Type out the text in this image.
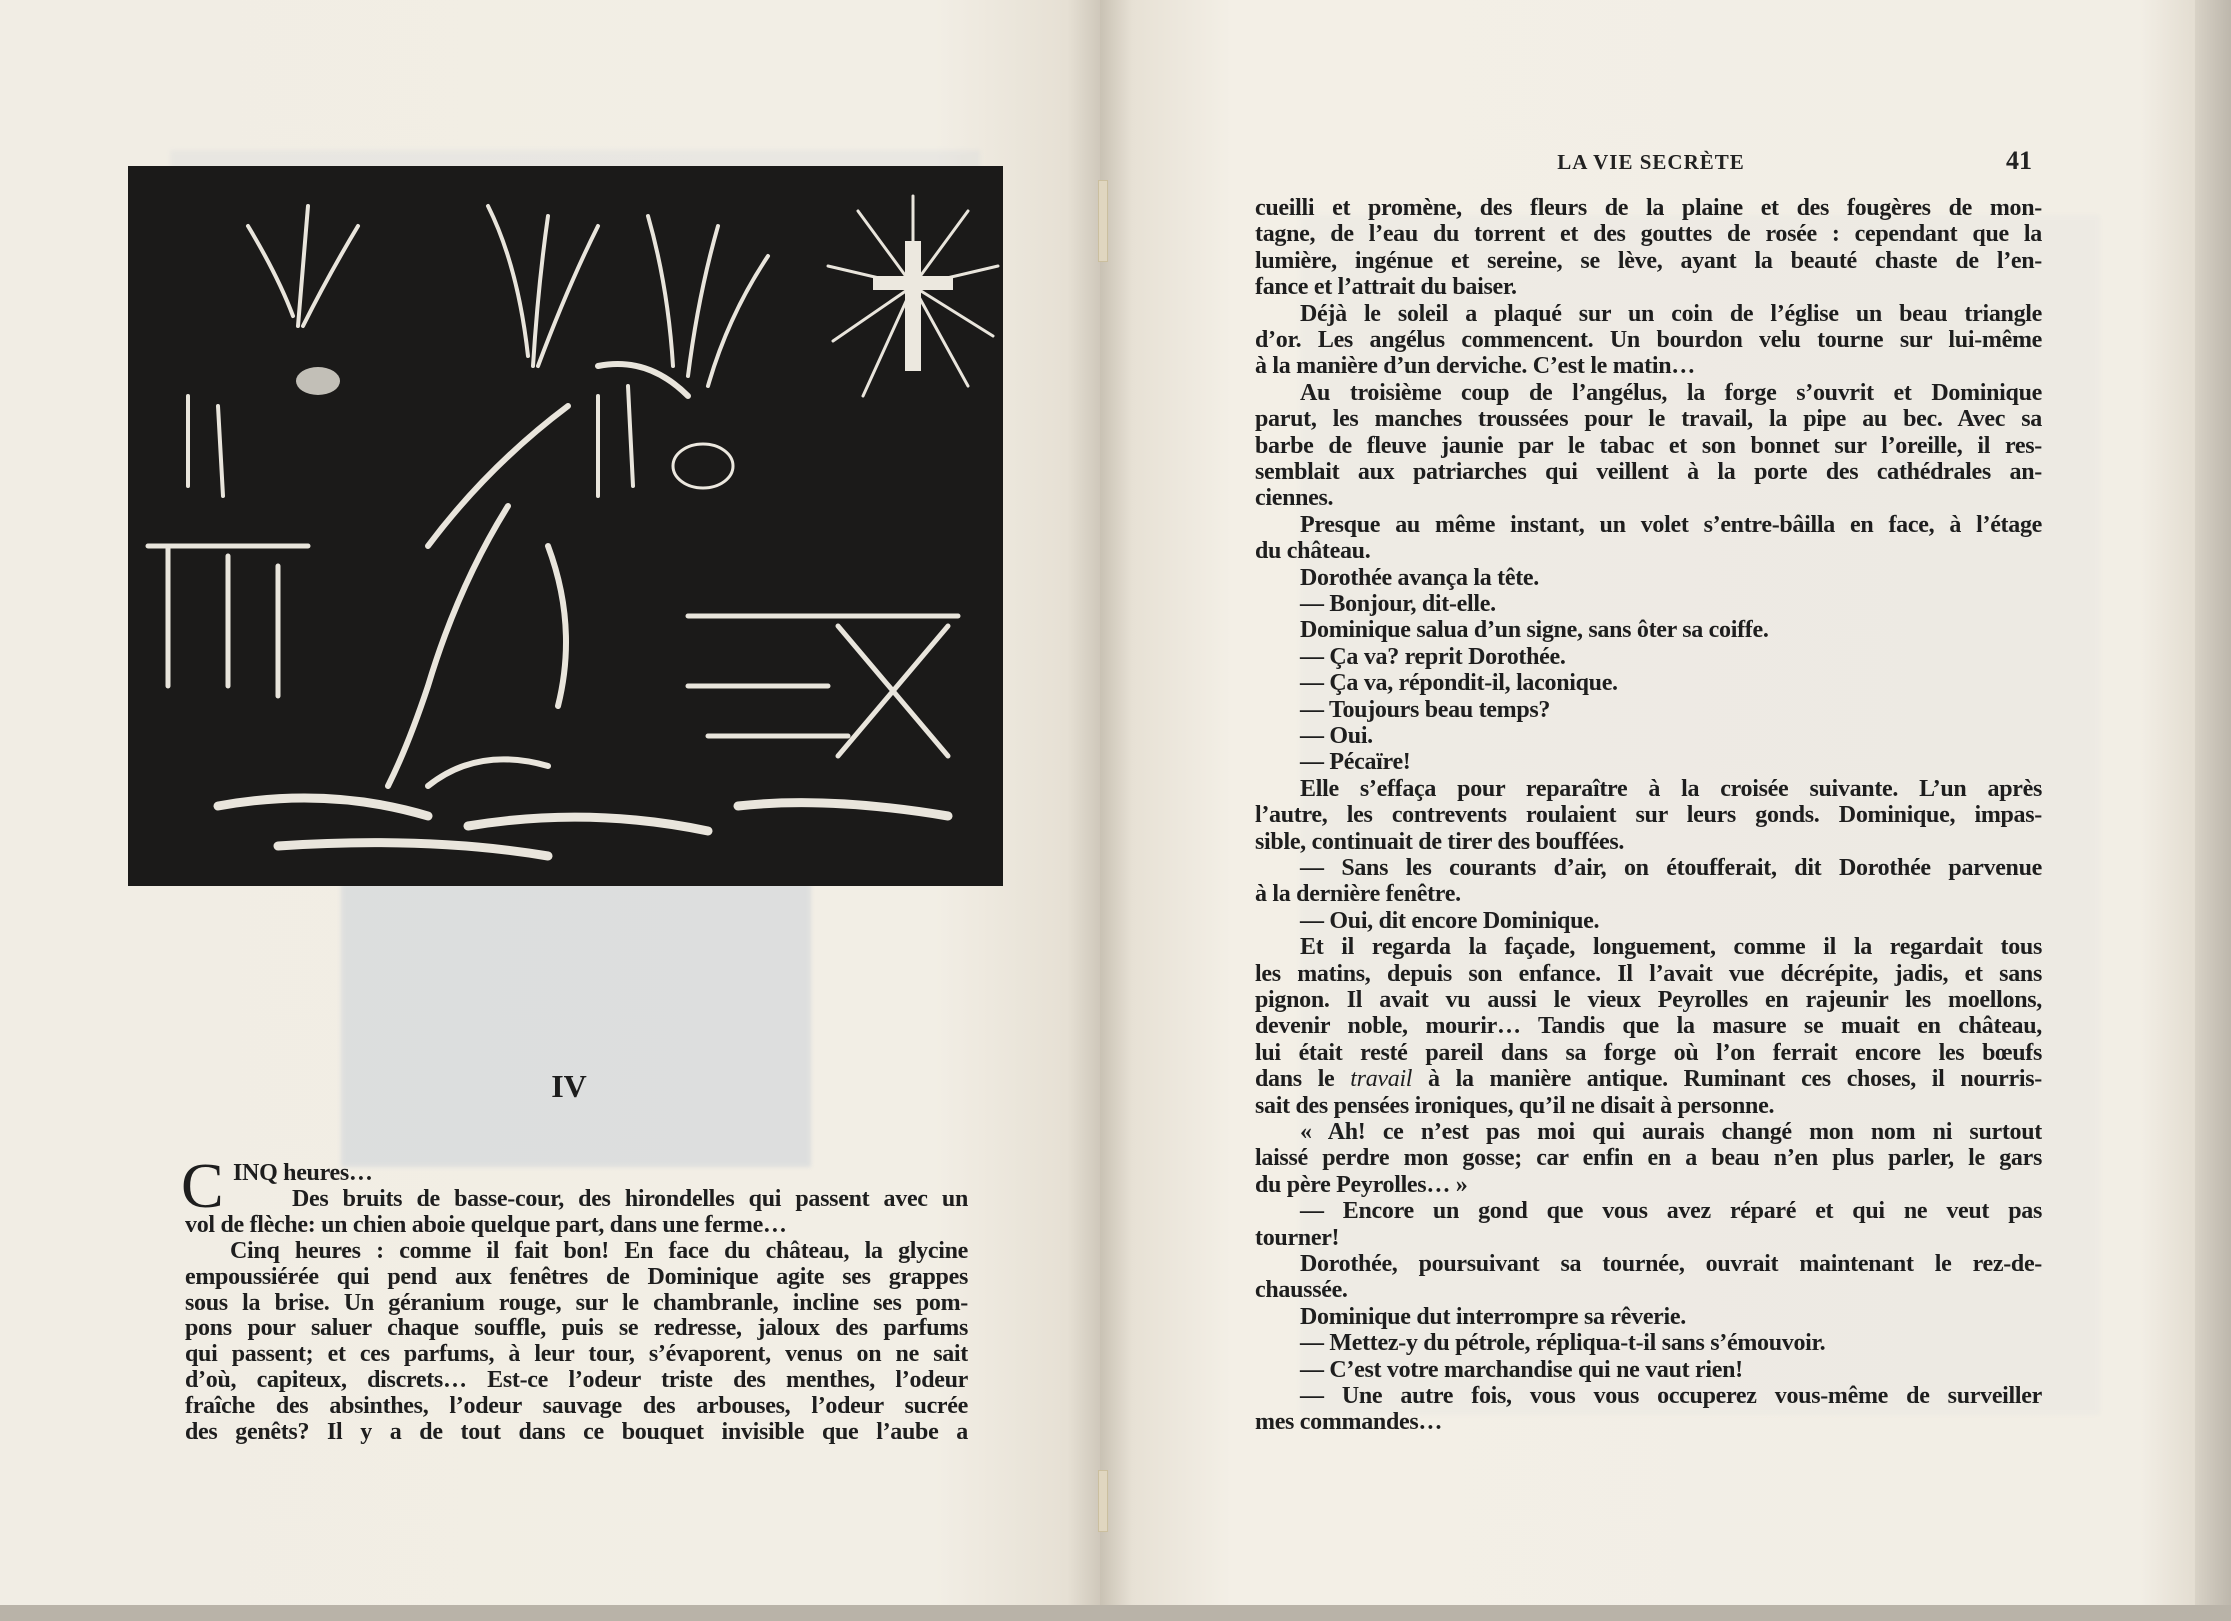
IV
C INQ heures…
Des bruits de basse-cour, des hirondelles qui passent avec un
vol de flèche: un chien aboie quelque part, dans une ferme…
Cinq heures : comme il fait bon! En face du château, la glycine
empoussiérée qui pend aux fenêtres de Dominique agite ses grappes
sous la brise. Un géranium rouge, sur le chambranle, incline ses pom-
pons pour saluer chaque souffle, puis se redresse, jaloux des parfums
qui passent; et ces parfums, à leur tour, s’évaporent, venus on ne sait
d’où, capiteux, discrets… Est-ce l’odeur triste des menthes, l’odeur
fraîche des absinthes, l’odeur sauvage des arbouses, l’odeur sucrée
des genêts? Il y a de tout dans ce bouquet invisible que l’aube a
LA VIE SECRÈTE	41
cueilli et promène, des fleurs de la plaine et des fougères de mon-
tagne, de l’eau du torrent et des gouttes de rosée : cependant que la
lumière, ingénue et sereine, se lève, ayant la beauté chaste de l’en-
fance et l’attrait du baiser.
Déjà le soleil a plaqué sur un coin de l’église un beau triangle
d’or. Les angélus commencent. Un bourdon velu tourne sur lui-même
à la manière d’un derviche. C’est le matin…
Au troisième coup de l’angélus, la forge s’ouvrit et Dominique
parut, les manches troussées pour le travail, la pipe au bec. Avec sa
barbe de fleuve jaunie par le tabac et son bonnet sur l’oreille, il res-
semblait aux patriarches qui veillent à la porte des cathédrales an-
ciennes.
Presque au même instant, un volet s’entre-bâilla en face, à l’étage
du château.
Dorothée avança la tête.
— Bonjour, dit-elle.
Dominique salua d’un signe, sans ôter sa coiffe.
— Ça va? reprit Dorothée.
— Ça va, répondit-il, laconique.
— Toujours beau temps?
— Oui.
— Pécaïre!
Elle s’effaça pour reparaître à la croisée suivante. L’un après
l’autre, les contrevents roulaient sur leurs gonds. Dominique, impas-
sible, continuait de tirer des bouffées.
— Sans les courants d’air, on étoufferait, dit Dorothée parvenue
à la dernière fenêtre.
— Oui, dit encore Dominique.
Et il regarda la façade, longuement, comme il la regardait tous
les matins, depuis son enfance. Il l’avait vue décrépite, jadis, et sans
pignon. Il avait vu aussi le vieux Peyrolles en rajeunir les moellons,
devenir noble, mourir… Tandis que la masure se muait en château,
lui était resté pareil dans sa forge où l’on ferrait encore les bœufs
dans le travail à la manière antique. Ruminant ces choses, il nourris-
sait des pensées ironiques, qu’il ne disait à personne.
« Ah! ce n’est pas moi qui aurais changé mon nom ni surtout
laissé perdre mon gosse; car enfin en a beau n’en plus parler, le gars
du père Peyrolles… »
— Encore un gond que vous avez réparé et qui ne veut pas
tourner!
Dorothée, poursuivant sa tournée, ouvrait maintenant le rez-de-
chaussée.
Dominique dut interrompre sa rêverie.
— Mettez-y du pétrole, répliqua-t-il sans s’émouvoir.
— C’est votre marchandise qui ne vaut rien!
— Une autre fois, vous vous occuperez vous-même de surveiller
mes commandes…
